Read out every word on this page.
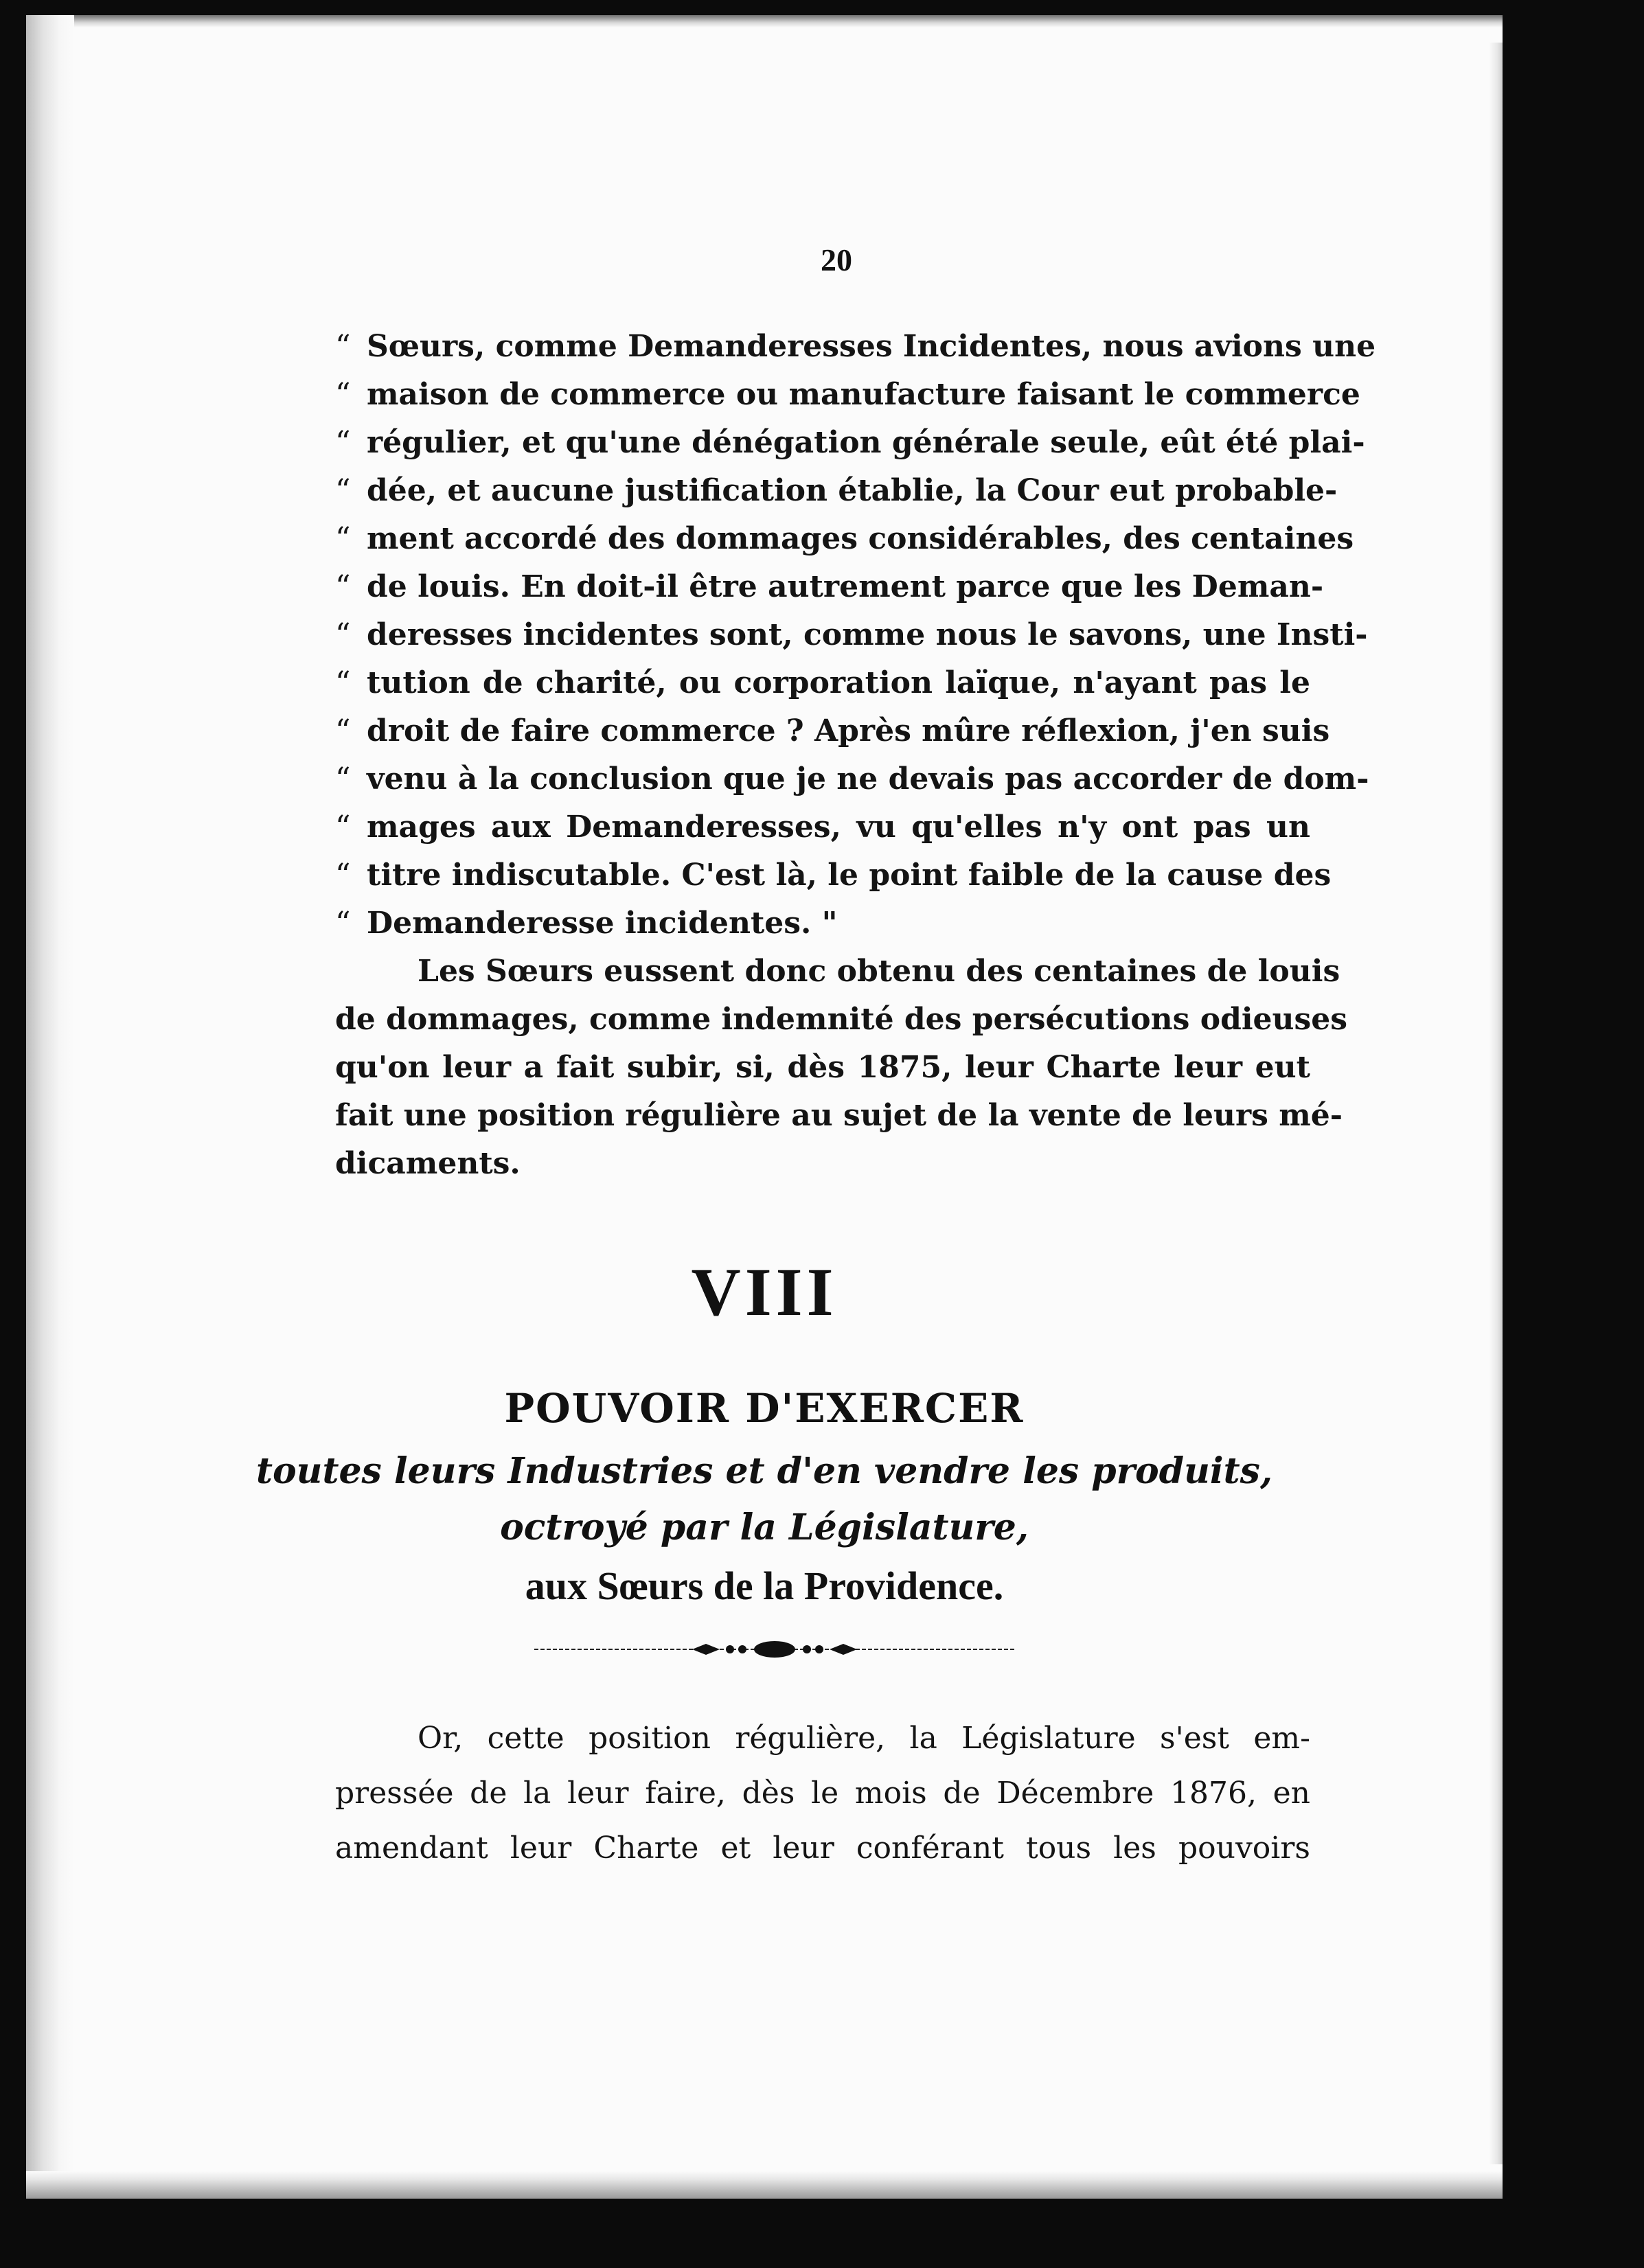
20
“ Sœurs, comme Demanderesses Incidentes, nous avions une
“ maison de commerce ou manufacture faisant le commerce
“ régulier, et qu'une dénégation générale seule, eût été plai-
“ dée, et aucune justification établie, la Cour eut probable-
“ ment accordé des dommages considérables, des centaines
“ de louis. En doit-il être autrement parce que les Deman-
“ deresses incidentes sont, comme nous le savons, une Insti-
“ tution de charité, ou corporation laïque, n'ayant pas le
“ droit de faire commerce ? Après mûre réflexion, j'en suis
“ venu à la conclusion que je ne devais pas accorder de dom-
“ mages aux Demanderesses, vu qu'elles n'y ont pas un
“ titre indiscutable. C'est là, le point faible de la cause des
“ Demanderesse incidentes. "
Les Sœurs eussent donc obtenu des centaines de louis
de dommages, comme indemnité des persécutions odieuses
qu'on leur a fait subir, si, dès 1875, leur Charte leur eut
fait une position régulière au sujet de la vente de leurs mé-
dicaments.
VIII
POUVOIR D'EXERCER
toutes leurs Industries et d'en vendre les produits,
octroyé par la Législature,
aux Sœurs de la Providence.
Or, cette position régulière, la Législature s'est em-
pressée de la leur faire, dès le mois de Décembre 1876, en
amendant leur Charte et leur conférant tous les pouvoirs
